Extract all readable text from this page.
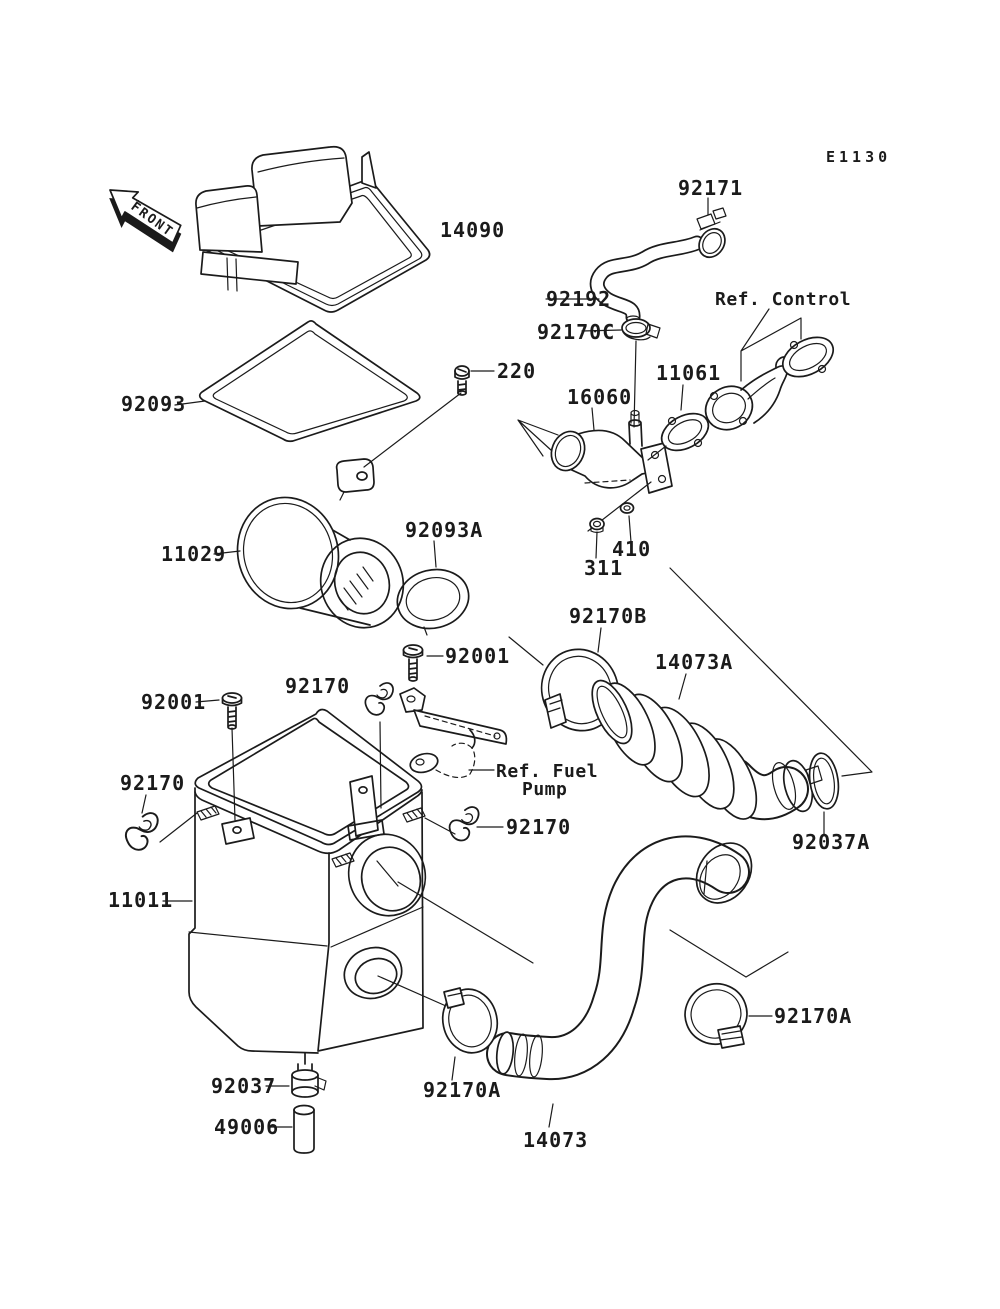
FRONT
E1130
14090
92171
92192	Ref. Control
92170C
220	11061
16060
92093
11029
92093A
410
311
92170B
92001	14073A
92170
92001
Ref. Fuel
Pump
92170
92037A
92170
11011
92170A
92037	92170A
49006
14073
